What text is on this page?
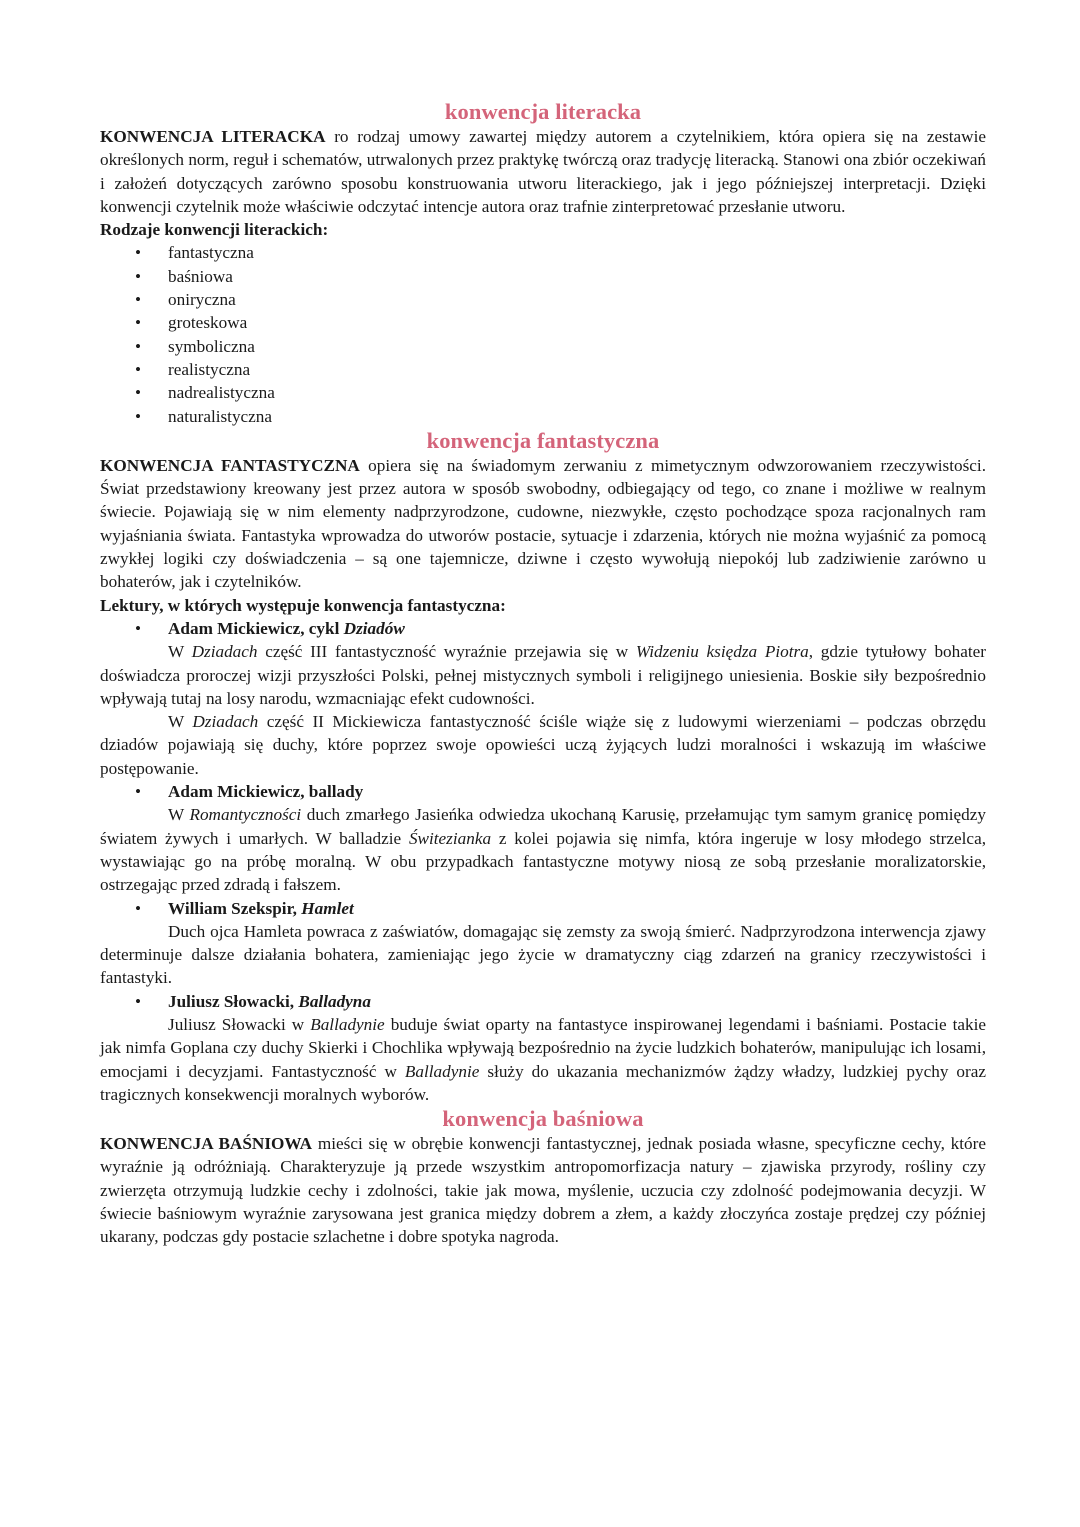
konwencja literacka

KONWENCJA LITERACKA ro rodzaj umowy zawartej między autorem a czytelnikiem, która opiera się na zestawie określonych norm, reguł i schematów, utrwalonych przez praktykę twórczą oraz tradycję literacką. Stanowi ona zbiór oczekiwań i założeń dotyczących zarówno sposobu konstruowania utworu literackiego, jak i jego późniejszej interpretacji. Dzięki konwencji czytelnik może właściwie odczytać intencje autora oraz trafnie zinterpretować przesłanie utworu.

Rodzaje konwencji literackich:

• fantastyczna
• baśniowa
• oniryczna
• groteskowa
• symboliczna
• realistyczna
• nadrealistyczna
• naturalistyczna
konwencja fantastyczna

KONWENCJA FANTASTYCZNA opiera się na świadomym zerwaniu z mimetycznym odwzorowaniem rzeczywistości. Świat przedstawiony kreowany jest przez autora w sposób swobodny, odbiegający od tego, co znane i możliwe w realnym świecie. Pojawiają się w nim elementy nadprzyrodzone, cudowne, niezwykłe, często pochodzące spoza racjonalnych ram wyjaśniania świata. Fantastyka wprowadza do utworów postacie, sytuacje i zdarzenia, których nie można wyjaśnić za pomocą zwykłej logiki czy doświadczenia – są one tajemnicze, dziwne i często wywołują niepokój lub zadziwienie zarówno u bohaterów, jak i czytelników.

Lektury, w których występuje konwencja fantastyczna:

• Adam Mickiewicz, cykl Dziadów

W Dziadach część III fantastyczność wyraźnie przejawia się w Widzeniu księdza Piotra, gdzie tytułowy bohater doświadcza proroczej wizji przyszłości Polski, pełnej mistycznych symboli i religijnego uniesienia. Boskie siły bezpośrednio wpływają tutaj na losy narodu, wzmacniając efekt cudowności.

W Dziadach część II Mickiewicza fantastyczność ściśle wiąże się z ludowymi wierzeniami – podczas obrzędu dziadów pojawiają się duchy, które poprzez swoje opowieści uczą żyjących ludzi moralności i wskazują im właściwe postępowanie.

• Adam Mickiewicz, ballady

W Romantyczności duch zmarłego Jasieńka odwiedza ukochaną Karusię, przełamując tym samym granicę pomiędzy światem żywych i umarłych. W balladzie Świtezianka z kolei pojawia się nimfa, która ingeruje w losy młodego strzelca, wystawiając go na próbę moralną. W obu przypadkach fantastyczne motywy niosą ze sobą przesłanie moralizatorskie, ostrzegając przed zdradą i fałszem.

• William Szekspir, Hamlet

Duch ojca Hamleta powraca z zaświatów, domagając się zemsty za swoją śmierć. Nadprzyrodzona interwencja zjawy determinuje dalsze działania bohatera, zamieniając jego życie w dramatyczny ciąg zdarzeń na granicy rzeczywistości i fantastyki.

• Juliusz Słowacki, Balladyna

Juliusz Słowacki w Balladynie buduje świat oparty na fantastyce inspirowanej legendami i baśniami. Postacie takie jak nimfa Goplana czy duchy Skierki i Chochlika wpływają bezpośrednio na życie ludzkich bohaterów, manipulując ich losami, emocjami i decyzjami. Fantastyczność w Balladynie służy do ukazania mechanizmów żądzy władzy, ludzkiej pychy oraz tragicznych konsekwencji moralnych wyborów.

konwencja baśniowa

KONWENCJA BAŚNIOWA mieści się w obrębie konwencji fantastycznej, jednak posiada własne, specyficzne cechy, które wyraźnie ją odróżniają. Charakteryzuje ją przede wszystkim antropomorfizacja natury – zjawiska przyrody, rośliny czy zwierzęta otrzymują ludzkie cechy i zdolności, takie jak mowa, myślenie, uczucia czy zdolność podejmowania decyzji. W świecie baśniowym wyraźnie zarysowana jest granica między dobrem a złem, a każdy złoczyńca zostaje prędzej czy później ukarany, podczas gdy postacie szlachetne i dobre spotyka nagroda.
